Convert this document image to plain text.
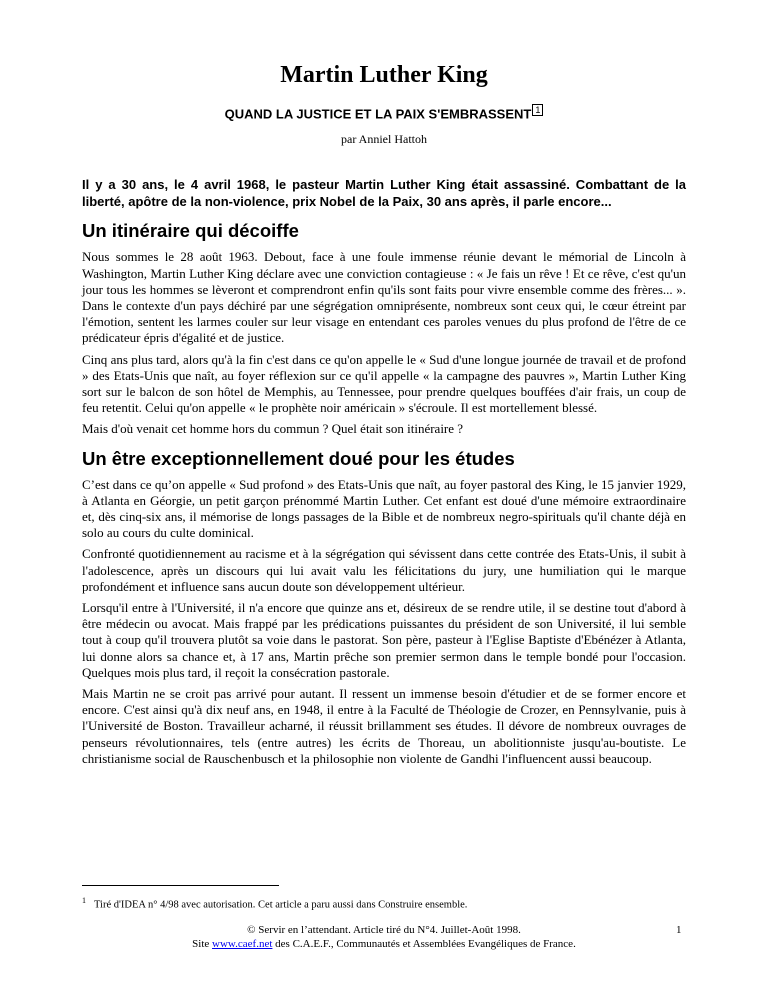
Martin Luther King
QUAND LA JUSTICE ET LA PAIX S'EMBRASSENT 1
par Anniel Hattoh
Il y a 30 ans, le 4 avril 1968, le pasteur Martin Luther King était assassiné. Combattant de la liberté, apôtre de la non-violence, prix Nobel de la Paix, 30 ans après, il parle encore...
Un itinéraire qui décoiffe

Nous sommes le 28 août 1963. Debout, face à une foule immense réunie devant le mémorial de Lincoln à Washington, Martin Luther King déclare avec une conviction contagieuse : « Je fais un rêve ! Et ce rêve, c'est qu'un jour tous les hommes se lèveront et comprendront enfin qu'ils sont faits pour vivre ensemble comme des frères... ». Dans le contexte d'un pays déchiré par une ségrégation omniprésente, nombreux sont ceux qui, le cœur étreint par l'émotion, sentent les larmes couler sur leur visage en entendant ces paroles venues du plus profond de l'être de ce prédicateur épris d'égalité et de justice.

Cinq ans plus tard, alors qu'à la fin c'est dans ce qu'on appelle le « Sud d'une longue journée de travail et de profond » des Etats-Unis que naît, au foyer réflexion sur ce qu'il appelle « la campagne des pauvres », Martin Luther King sort sur le balcon de son hôtel de Memphis, au Tennessee, pour prendre quelques bouffées d'air frais, un coup de feu retentit. Celui qu'on appelle « le prophète noir américain » s'écroule. Il est mortellement blessé.

Mais d'où venait cet homme hors du commun ? Quel était son itinéraire ?

Un être exceptionnellement doué pour les études

C’est dans ce qu’on appelle « Sud profond » des Etats-Unis que naît, au foyer pastoral des King, le 15 janvier 1929, à Atlanta en Géorgie, un petit garçon prénommé Martin Luther. Cet enfant est doué d'une mémoire extraordinaire et, dès cinq-six ans, il mémorise de longs passages de la Bible et de nombreux negro-spirituals qu'il chante déjà en solo au cours du culte dominical.

Confronté quotidiennement au racisme et à la ségrégation qui sévissent dans cette contrée des Etats-Unis, il subit à l'adolescence, après un discours qui lui avait valu les félicitations du jury, une humiliation qui le marque profondément et influence sans aucun doute son développement ultérieur.

Lorsqu'il entre à l'Université, il n'a encore que quinze ans et, désireux de se rendre utile, il se destine tout d'abord à être médecin ou avocat. Mais frappé par les prédications puissantes du président de son Université, il lui semble tout à coup qu'il trouvera plutôt sa voie dans le pastorat. Son père, pasteur à l'Eglise Baptiste d'Ebénézer à Atlanta, lui donne alors sa chance et, à 17 ans, Martin prêche son premier sermon dans le temple bondé pour l'occasion. Quelques mois plus tard, il reçoit la consécration pastorale.

Mais Martin ne se croit pas arrivé pour autant. Il ressent un immense besoin d'étudier et de se former encore et encore. C'est ainsi qu'à dix neuf ans, en 1948, il entre à la Faculté de Théologie de Crozer, en Pennsylvanie, puis à l'Université de Boston. Travailleur acharné, il réussit brillamment ses études. Il dévore de nombreux ouvrages de penseurs révolutionnaires, tels (entre autres) les écrits de Thoreau, un abolitionniste jusqu'au-boutiste. Le christianisme social de Rauschenbusch et la philosophie non violente de Gandhi l'influencent aussi beaucoup.

$^1$ Tiré d'IDEA n° 4/98 avec autorisation. Cet article a paru aussi dans Construire ensemble.
© Servir en l’attendant. Article tiré du N°4. Juillet-Août 1998.
Site www.caef.net des C.A.E.F., Communautés et Assemblées Evangéliques de France.
1
